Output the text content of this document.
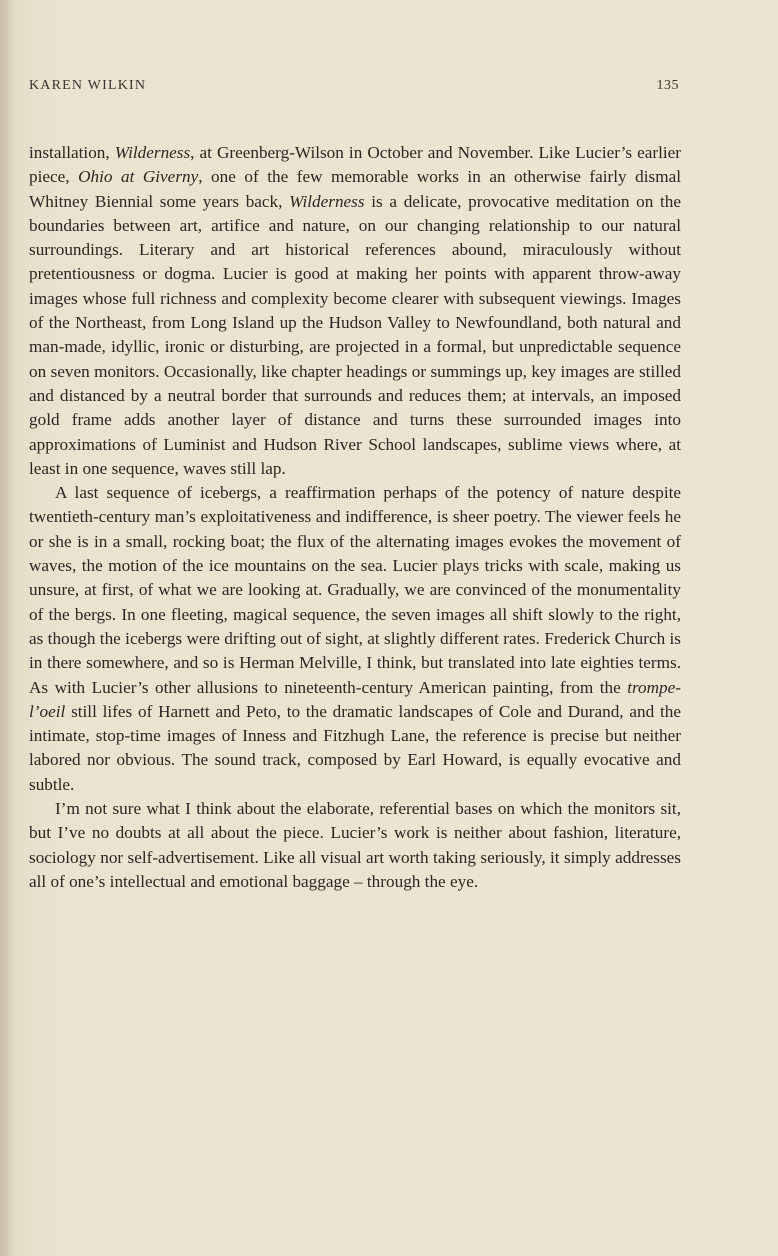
KAREN WILKIN	135

installation, Wilderness, at Greenberg-Wilson in October and November. Like Lucier’s earlier piece, Ohio at Giverny, one of the few memorable works in an otherwise fairly dismal Whitney Biennial some years back, Wilderness is a delicate, provocative meditation on the boundaries between art, artifice and nature, on our changing relationship to our natural surroundings. Literary and art historical references abound, miraculously without pretentiousness or dogma. Lucier is good at making her points with apparent throw-away images whose full richness and complexity become clearer with subsequent viewings. Images of the Northeast, from Long Island up the Hudson Valley to Newfoundland, both natural and man-made, idyllic, ironic or disturbing, are projected in a formal, but unpredictable sequence on seven monitors. Occasionally, like chapter headings or summings up, key images are stilled and distanced by a neutral border that surrounds and reduces them; at intervals, an imposed gold frame adds another layer of distance and turns these surrounded images into approximations of Luminist and Hudson River School landscapes, sublime views where, at least in one sequence, waves still lap.

A last sequence of icebergs, a reaffirmation perhaps of the potency of nature despite twentieth-century man’s exploitativeness and indifference, is sheer poetry. The viewer feels he or she is in a small, rocking boat; the flux of the alternating images evokes the movement of waves, the motion of the ice mountains on the sea. Lucier plays tricks with scale, making us unsure, at first, of what we are looking at. Gradually, we are convinced of the monumentality of the bergs. In one fleeting, magical sequence, the seven images all shift slowly to the right, as though the icebergs were drifting out of sight, at slightly different rates. Frederick Church is in there somewhere, and so is Herman Melville, I think, but translated into late eighties terms. As with Lucier’s other allusions to nineteenth-century American painting, from the trompe-l’oeil still lifes of Harnett and Peto, to the dramatic landscapes of Cole and Durand, and the intimate, stop-time images of Inness and Fitzhugh Lane, the reference is precise but neither labored nor obvious. The sound track, composed by Earl Howard, is equally evocative and subtle.

I’m not sure what I think about the elaborate, referential bases on which the monitors sit, but I’ve no doubts at all about the piece. Lucier’s work is neither about fashion, literature, sociology nor self-advertisement. Like all visual art worth taking seriously, it simply addresses all of one’s intellectual and emotional baggage – through the eye.
